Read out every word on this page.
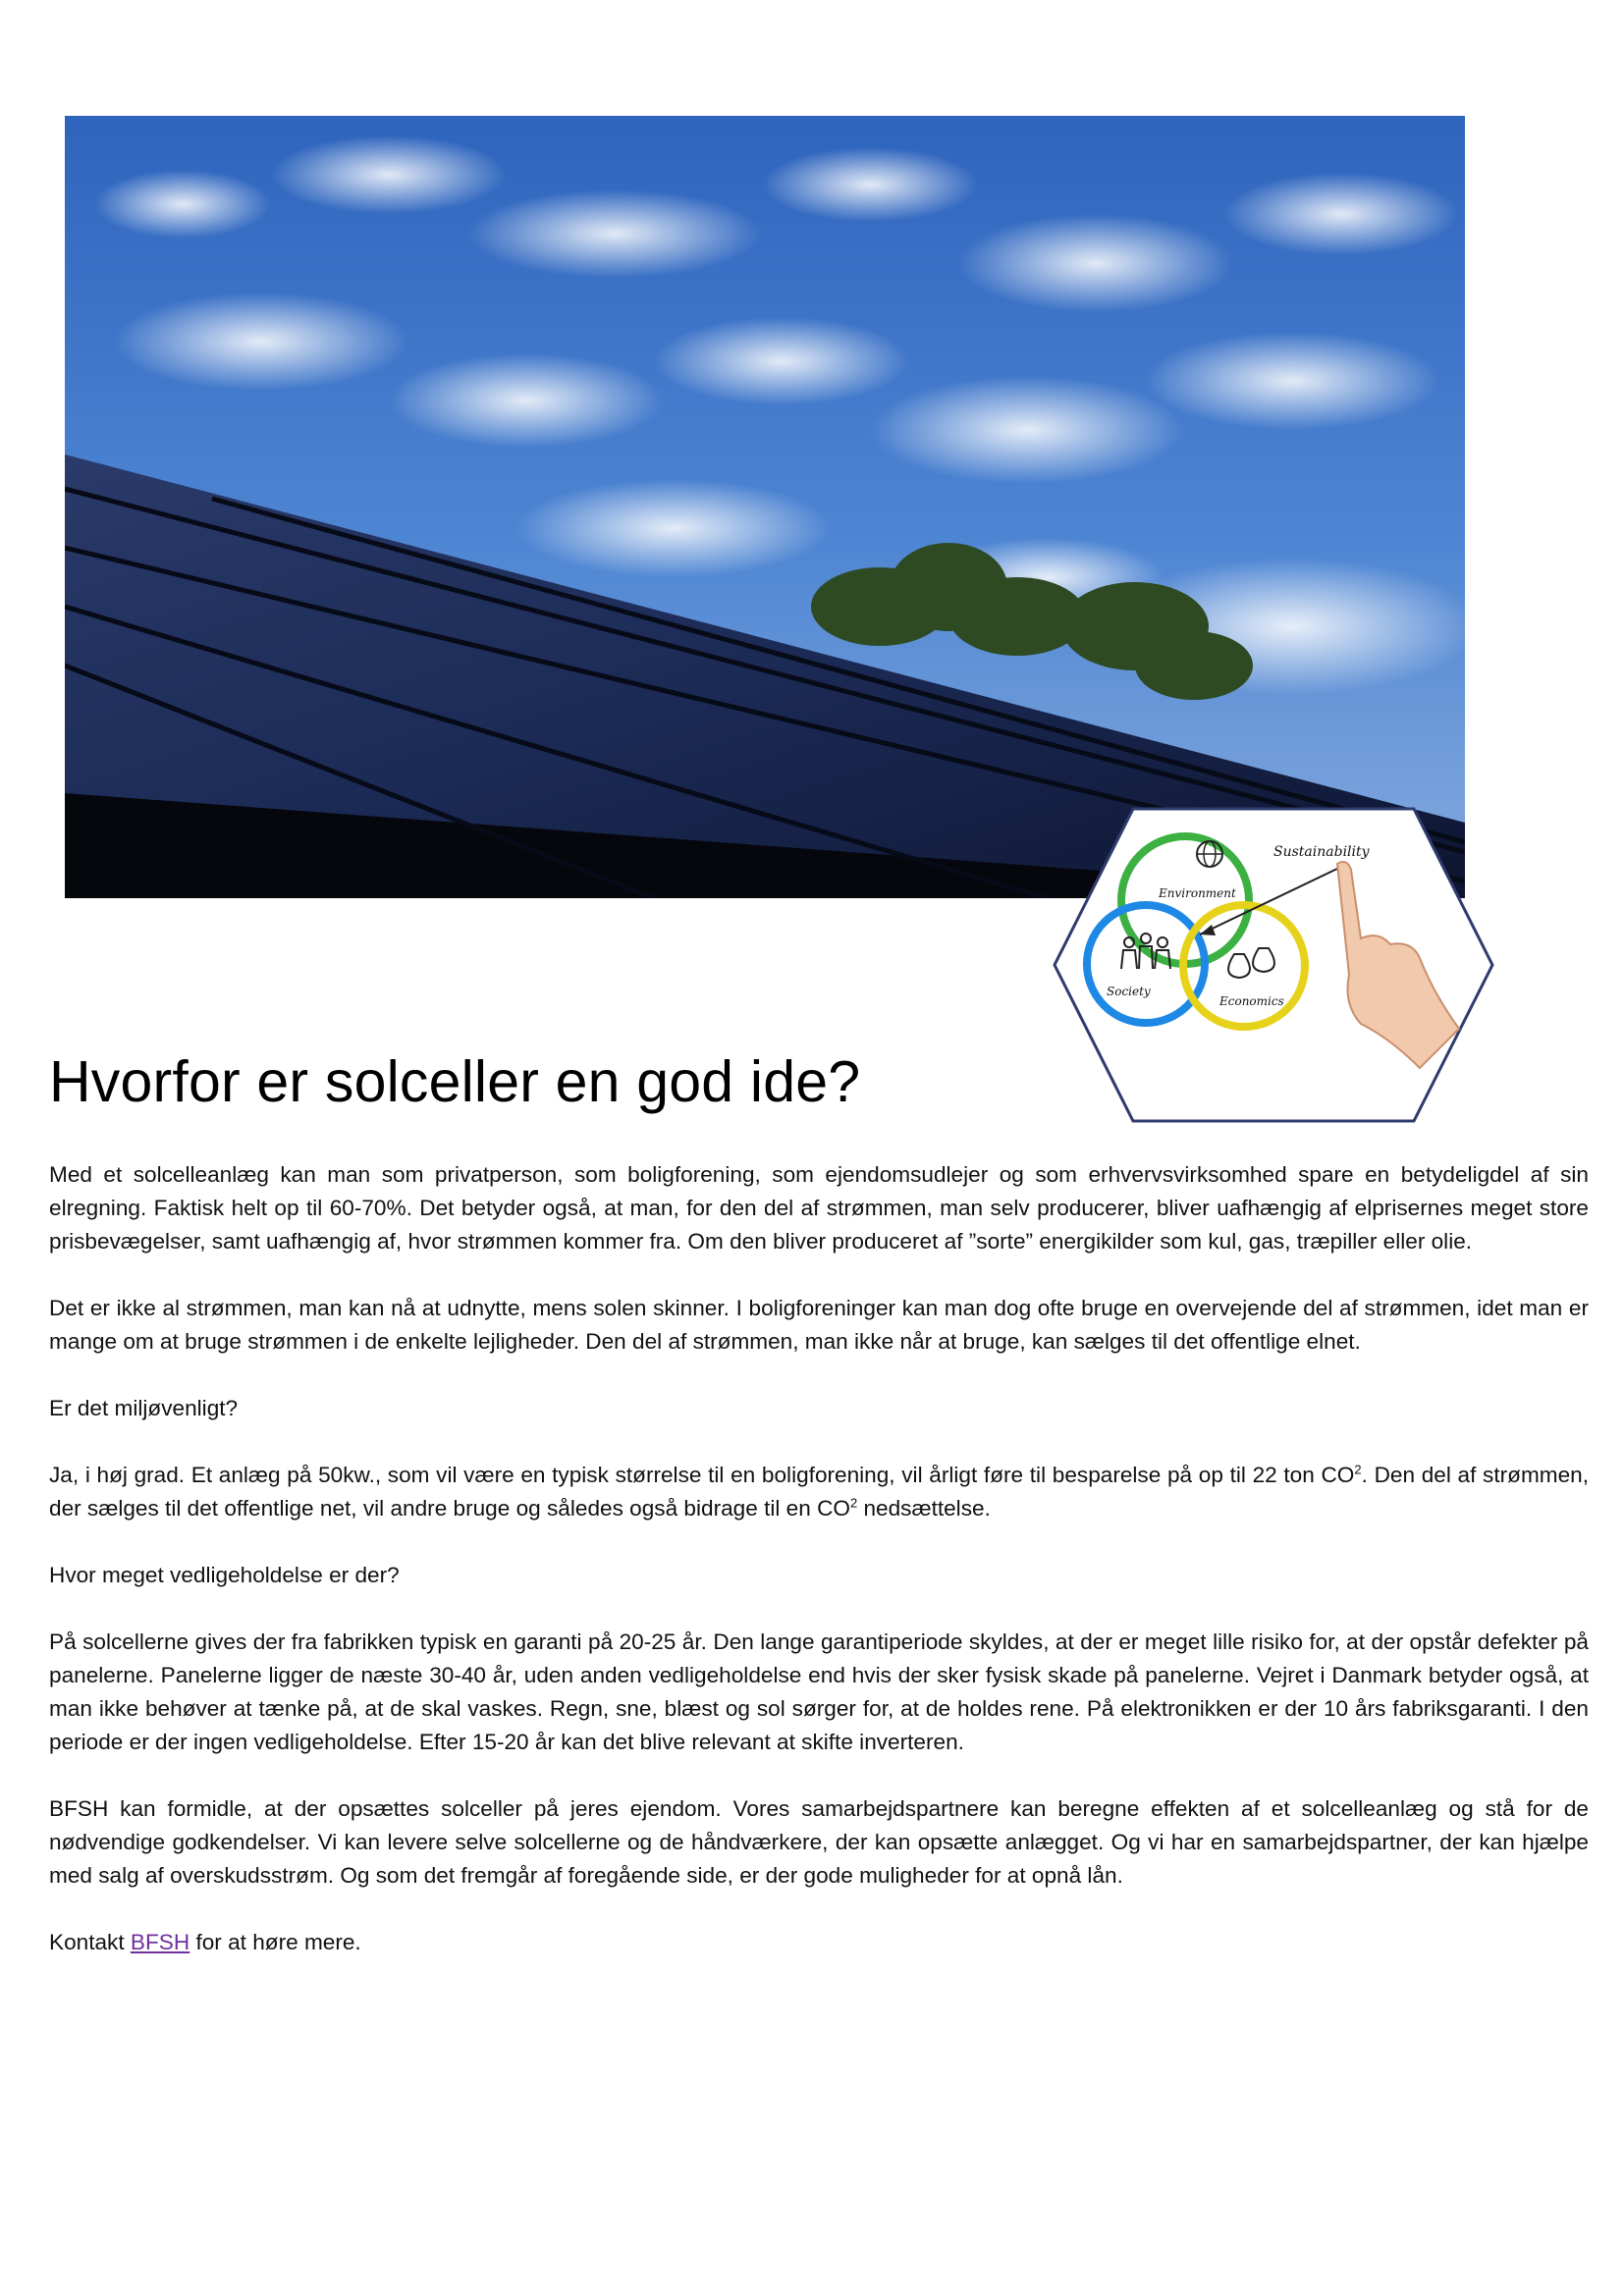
Sustainability
Environment
Society
Economics
Hvorfor er solceller en god ide?

Med et solcelleanlæg kan man som privatperson, som boligforening, som ejendomsudlejer og som erhvervsvirksomhed spare en betydeligdel af sin elregning. Faktisk helt op til 60-70%. Det betyder også, at man, for den del af strømmen, man selv producerer, bliver uafhængig af elprisernes meget store prisbevægelser, samt uafhængig af, hvor strømmen kommer fra. Om den bliver produceret af ”sorte” energikilder som kul, gas, træpiller eller olie.

Det er ikke al strømmen, man kan nå at udnytte, mens solen skinner. I boligforeninger kan man dog ofte bruge en overvejende del af strømmen, idet man er mange om at bruge strømmen i de enkelte lejligheder. Den del af strømmen, man ikke når at bruge, kan sælges til det offentlige elnet.

Er det miljøvenligt?

Ja, i høj grad. Et anlæg på 50kw., som vil være en typisk størrelse til en boligforening, vil årligt føre til besparelse på op til 22 ton $CO^2$. Den del af strømmen, der sælges til det offentlige net, vil andre bruge og således også bidrage til en $CO^2$ nedsættelse.

Hvor meget vedligeholdelse er der?

På solcellerne gives der fra fabrikken typisk en garanti på 20-25 år. Den lange garantiperiode skyldes, at der er meget lille risiko for, at der opstår defekter på panelerne. Panelerne ligger de næste 30-40 år, uden anden vedligeholdelse end hvis der sker fysisk skade på panelerne. Vejret i Danmark betyder også, at man ikke behøver at tænke på, at de skal vaskes. Regn, sne, blæst og sol sørger for, at de holdes rene. På elektronikken er der 10 års fabriksgaranti. I den periode er der ingen vedligeholdelse. Efter 15-20 år kan det blive relevant at skifte inverteren.

BFSH kan formidle, at der opsættes solceller på jeres ejendom. Vores samarbejdspartnere kan beregne effekten af et solcelleanlæg og stå for de nødvendige godkendelser. Vi kan levere selve solcellerne og de håndværkere, der kan opsætte anlægget. Og vi har en samarbejdspartner, der kan hjælpe med salg af overskudsstrøm. Og som det fremgår af foregående side, er der gode muligheder for at opnå lån.

Kontakt BFSH for at høre mere.
